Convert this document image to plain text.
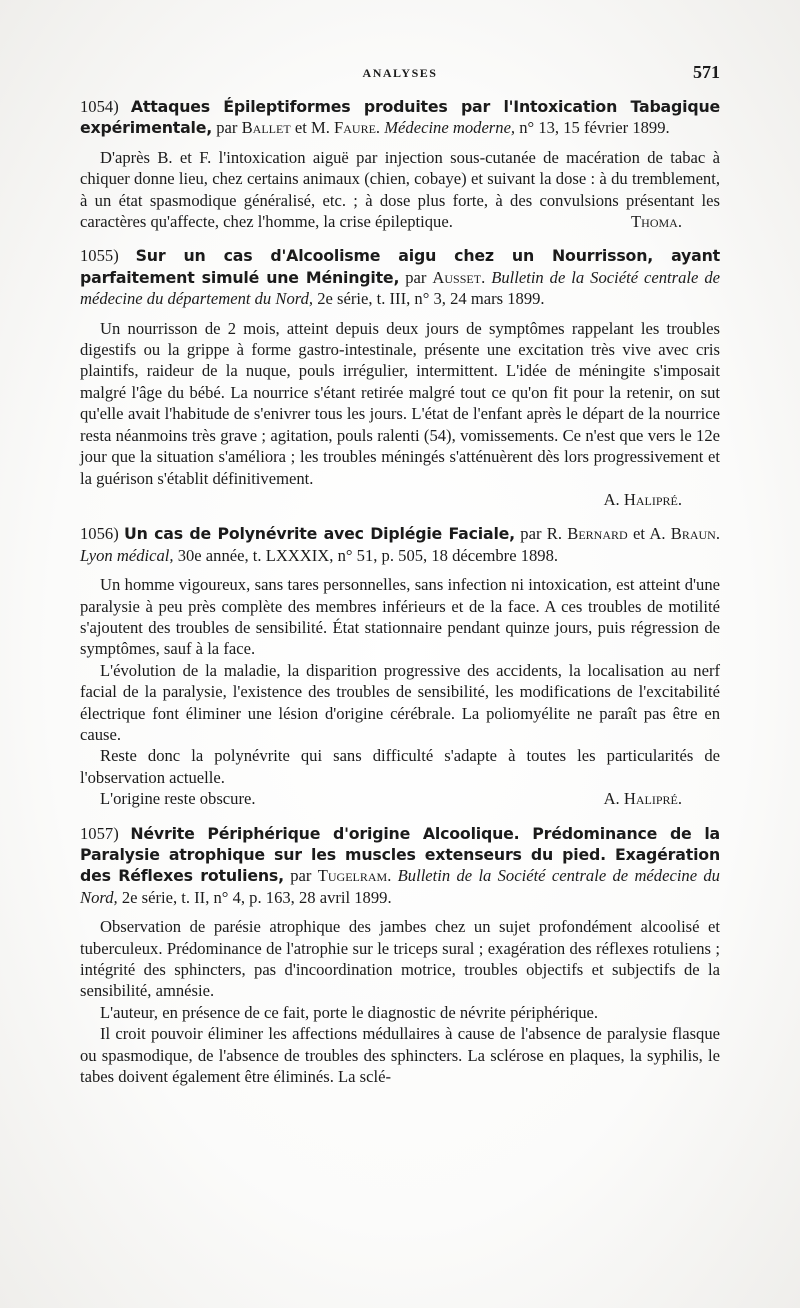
ANALYSES	571

1054) Attaques Épileptiformes produites par l'Intoxication Tabagique expérimentale, par Ballet et M. Faure. Médecine moderne, n° 13, 15 février 1899.

D'après B. et F. l'intoxication aiguë par injection sous-cutanée de macération de tabac à chiquer donne lieu, chez certains animaux (chien, cobaye) et suivant la dose : à du tremblement, à un état spasmodique généralisé, etc. ; à dose plus forte, à des convulsions présentant les caractères qu'affecte, chez l'homme, la crise épileptique.	Thoma.

1055) Sur un cas d'Alcoolisme aigu chez un Nourrisson, ayant parfaitement simulé une Méningite, par Ausset. Bulletin de la Société centrale de médecine du département du Nord, 2e série, t. III, n° 3, 24 mars 1899.

Un nourrisson de 2 mois, atteint depuis deux jours de symptômes rappelant les troubles digestifs ou la grippe à forme gastro-intestinale, présente une excitation très vive avec cris plaintifs, raideur de la nuque, pouls irrégulier, intermittent. L'idée de méningite s'imposait malgré l'âge du bébé. La nourrice s'étant retirée malgré tout ce qu'on fit pour la retenir, on sut qu'elle avait l'habitude de s'enivrer tous les jours. L'état de l'enfant après le départ de la nourrice resta néanmoins très grave ; agitation, pouls ralenti (54), vomissements. Ce n'est que vers le 12e jour que la situation s'améliora ; les troubles méningés s'atténuèrent dès lors progressivement et la guérison s'établit définitivement.

A. Halipré.

1056) Un cas de Polynévrite avec Diplégie Faciale, par R. Bernard et A. Braun. Lyon médical, 30e année, t. LXXXIX, n° 51, p. 505, 18 décembre 1898.

Un homme vigoureux, sans tares personnelles, sans infection ni intoxication, est atteint d'une paralysie à peu près complète des membres inférieurs et de la face. A ces troubles de motilité s'ajoutent des troubles de sensibilité. État stationnaire pendant quinze jours, puis régression de symptômes, sauf à la face.

L'évolution de la maladie, la disparition progressive des accidents, la localisation au nerf facial de la paralysie, l'existence des troubles de sensibilité, les modifications de l'excitabilité électrique font éliminer une lésion d'origine cérébrale. La poliomyélite ne paraît pas être en cause.

Reste donc la polynévrite qui sans difficulté s'adapte à toutes les particularités de l'observation actuelle.

L'origine reste obscure.	A. Halipré.

1057) Névrite Périphérique d'origine Alcoolique. Prédominance de la Paralysie atrophique sur les muscles extenseurs du pied. Exagération des Réflexes rotuliens, par Tugelram. Bulletin de la Société centrale de médecine du Nord, 2e série, t. II, n° 4, p. 163, 28 avril 1899.

Observation de parésie atrophique des jambes chez un sujet profondément alcoolisé et tuberculeux. Prédominance de l'atrophie sur le triceps sural ; exagération des réflexes rotuliens ; intégrité des sphincters, pas d'incoordination motrice, troubles objectifs et subjectifs de la sensibilité, amnésie.

L'auteur, en présence de ce fait, porte le diagnostic de névrite périphérique.

Il croit pouvoir éliminer les affections médullaires à cause de l'absence de paralysie flasque ou spasmodique, de l'absence de troubles des sphincters. La sclérose en plaques, la syphilis, le tabes doivent également être éliminés. La sclé-
